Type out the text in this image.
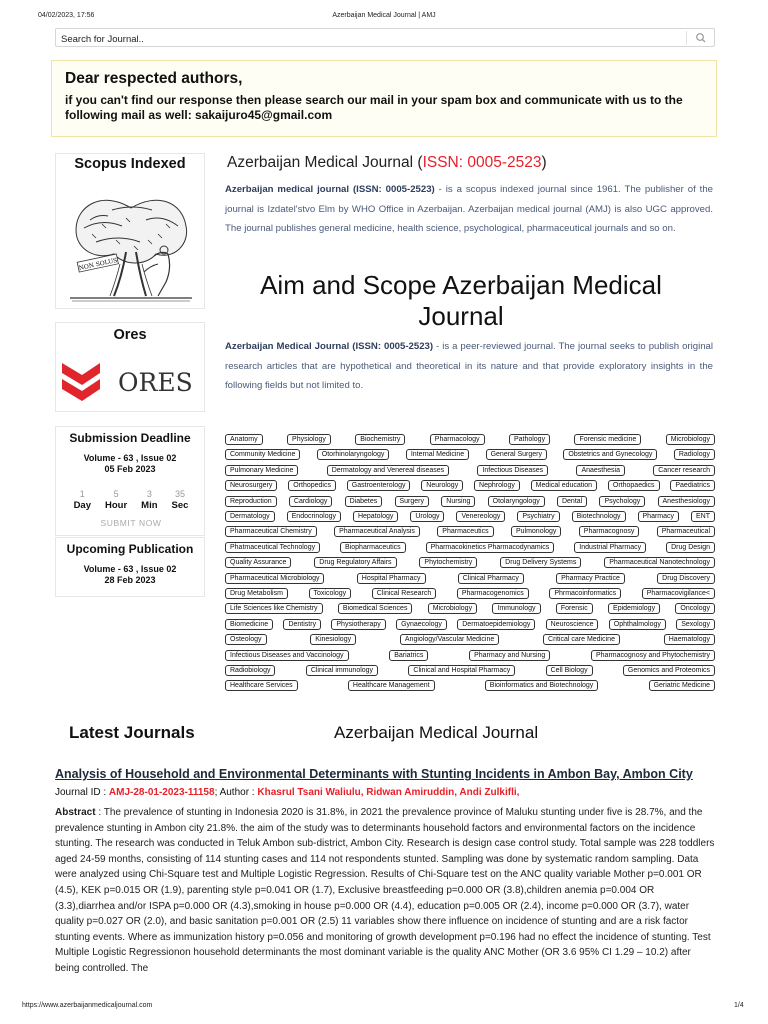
04/02/2023, 17:56	Azerbaijan Medical Journal | AMJ
Search for Journal..
Dear respected authors,
if you can't find our response then please search our mail in your spam box and communicate with us to the following mail as well: sakaijuro45@gmail.com
Scopus Indexed
NON SOLUS
Ores
ORES
Submission Deadline
Volume - 63 , Issue 02
05 Feb 2023
1
Day
5
Hour
3
Min
35
Sec
SUBMIT NOW
Upcoming Publication
Volume - 63 , Issue 02
28 Feb 2023
Azerbaijan Medical Journal (ISSN: 0005-2523)
Azerbaijan medical journal (ISSN: 0005-2523) - is a scopus indexed journal since 1961. The publisher of the journal is Izdatel'stvo Elm by WHO Office in Azerbaijan. Azerbaijan medical journal (AMJ) is also UGC approved. The journal publishes general medicine, health science, psychological, pharmaceutical journals and so on.
Aim and Scope Azerbaijan Medical Journal
Azerbaijan Medical Journal (ISSN: 0005-2523) - is a peer-reviewed journal. The journal seeks to publish original research articles that are hypothetical and theoretical in its nature and that provide exploratory insights in the following fields but not limited to.
Anatomy	Physiology	Biochemistry	Pharmacology	Pathology	Forensic medicine	Microbiology
Community Medicine	Otorhinolaryngology	Internal Medicine	General Surgery	Obstetrics and Gynecology	Radiology
Pulmonary Medicine	Dermatology and Venereal diseases	Infectious Diseases	Anaesthesia	Cancer research
Neurosurgery	Orthopedics	Gastroenterology	Neurology	Nephrology	Medical education	Orthopaedics	Paediatrics
Reproduction	Cardiology	Diabetes	Surgery	Nursing	Otolaryngology	Dental	Psychology	Anesthesiology
Dermatology	Endocrinology	Hepatology	Urology	Venereology	Psychiatry	Biotechnology	Pharmacy	ENT
Pharmaceutical Chemistry	Pharmaceutical Analysis	Pharmaceutics	Pulmonology	Pharmacognosy	Pharmaceutical
Phatmaceutical Technology	Biopharmaceutics	Pharmacokinetics Pharmacodynamics	Industrial Pharmacy	Drug Design
Quality Assurance	Drug Regulatory Affairs	Phytochemistry	Drug Delivery Systems	Pharmaceutical Nanotechnology
Pharmaceutical Microbiology	Hospital Pharmacy	Clinical Pharmacy	Pharmacy Practice	Drug Discovery
Drug Metabolism	Toxicology	Clinical Research	Pharmacogenomics	Phrmacoinformatics	Pharmacovigilance<
Life Sciences like Chemistry	Biomedical Sciences	Microbiology	Immunology	Forensic	Epidemiology	Oncology
Biomedicine	Dentistry	Physiotherapy	Gynaecology	Dermatoepidemiology	Neuroscience	Ophthalmology	Sexology
Osteology	Kinesiology	Angiology/Vascular Medicine	Critical care Medicine	Haematology
Infectious Diseases and Vaccinology	Bariatrics	Pharmacy and Nursing	Pharmacognosy and Phytochemistry
Radiobiology	Clinical immunology	Clinical and Hospital Pharmacy	Cell Biology	Genomics and Proteomics
Healthcare Services	Healthcare Management	Bioinformatics and Biotechnology	Geriatric Medicine
Latest Journals	Azerbaijan Medical Journal
Analysis of Household and Environmental Determinants with Stunting Incidents in Ambon Bay, Ambon City
Journal ID : AMJ-28-01-2023-11158; Author : Khasrul Tsani Waliulu, Ridwan Amiruddin, Andi Zulkifli,
Abstract : The prevalence of stunting in Indonesia 2020 is 31.8%, in 2021 the prevalence province of Maluku stunting under five is 28.7%, and the prevalence stunting in Ambon city 21.8%. the aim of the study was to determinants household factors and environmental factors on the incidence stunting. The research was conducted in Teluk Ambon sub-district, Ambon City. Research is design case control study. Total sample was 228 toddlers aged 24-59 months, consisting of 114 stunting cases and 114 not respondents stunted. Sampling was done by systematic random sampling. Data were analyzed using Chi-Square test and Multiple Logistic Regression. Results of Chi-Square test on the ANC quality variable Mother p=0.001 OR (4.5), KEK p=0.015 OR (1.9), parenting style p=0.041 OR (1.7), Exclusive breastfeeding p=0.000 OR (3.8),children anemia p=0.004 OR (3.3),diarrhea and/or ISPA p=0.000 OR (4.3),smoking in house p=0.000 OR (4.4), education p=0.005 OR (2.4), income p=0.000 OR (3.7), water quality p=0.027 OR (2.0), and basic sanitation p=0.001 OR (2.5) 11 variables show there influence on incidence of stunting and are a risk factor stunting events. Where as immunization history p=0.056 and monitoring of growth development p=0.196 had no effect the incidence of stunting. Test Multiple Logistic Regressionon household determinants the most dominant variable is the quality ANC Mother (OR 3.6 95% CI 1.29 – 10.2) after being controlled. The
https://www.azerbaijanmedicaljournal.com	1/4
